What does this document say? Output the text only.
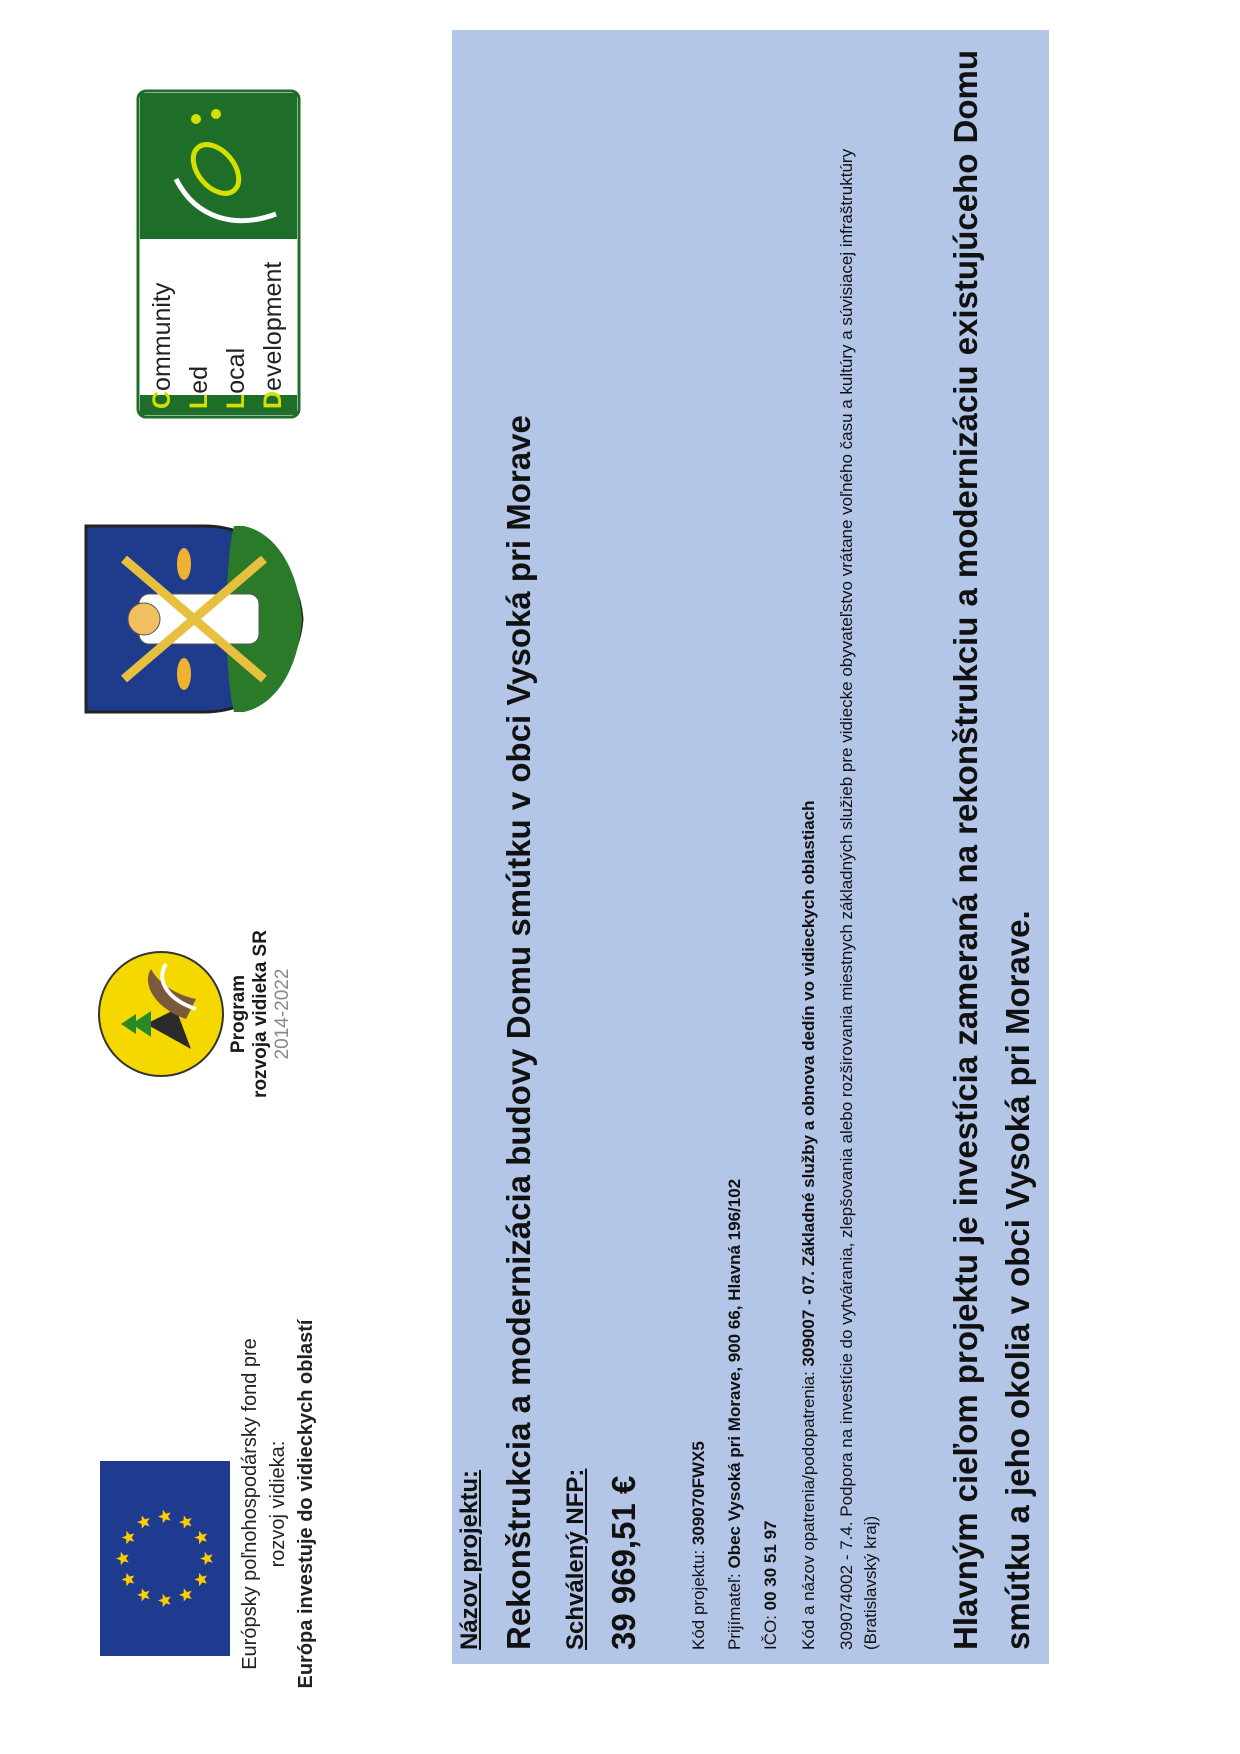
Európsky poľnohospodársky fond pre rozvoj vidieka: Európa investuje do vidieckych oblastí
Program rozvoja vidieka SR 2014-2022
Community
Led
Local
Development
Názov projektu: Rekonštrukcia a modernizácia budovy Domu smútku v obci Vysoká pri Morave Schválený NFP: 39 969,51 €	Kód projektu: 309070FWX5
Prijímateľ: Obec Vysoká pri Morave, 900 66, Hlavná 196/102
IČO: 00 30 51 97 Kód a názov opatrenia/podopatrenia: 309007 - 07. Základné služby a obnova dedín vo vidieckych oblastiach 309074002 - 7.4. Podpora na investície do vytvárania, zlepšovania alebo rozširovania miestnych základných služieb pre vidiecke obyvateľstvo vrátane voľného času a kultúry a súvisiacej infraštruktúry (Bratislavský kraj) Hlavným cieľom projektu je investícia zameraná na rekonštrukciu a modernizáciu existujúceho Domu smútku a jeho okolia v obci Vysoká pri Morave.
